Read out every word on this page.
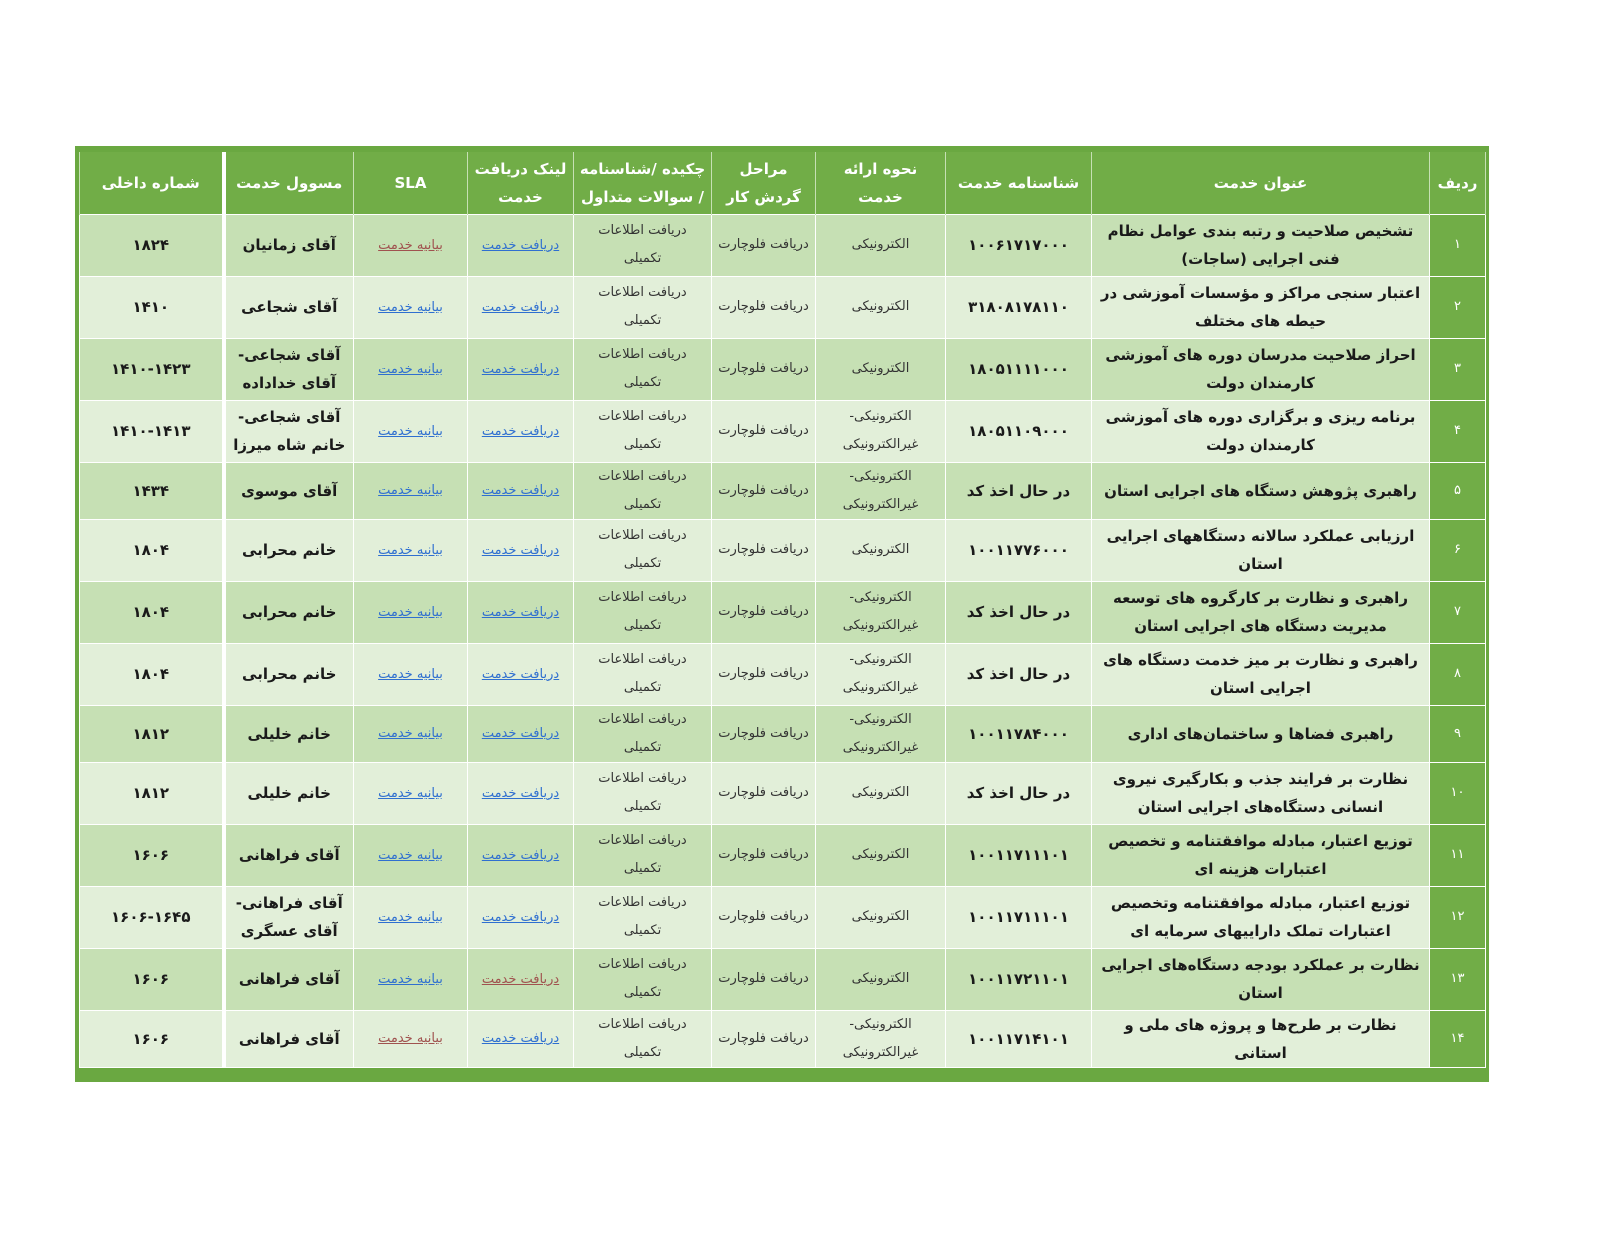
ردیف	عنوان خدمت	شناسنامه خدمت	نحوه ارائه خدمت	مراحل گردش کار	چکیده /شناسنامه / سوالات متداول	لینک دریافت خدمت	SLA	مسوول خدمت	شماره داخلی
۱	تشخیص صلاحیت و رتبه بندی عوامل نظام فنی اجرایی (ساجات)	۱۰۰۶۱۷۱۷۰۰۰	الکترونیکی	دریافت فلوچارت	دریافت اطلاعات تکمیلی	دریافت خدمت	بیانیه خدمت	آقای زمانیان	۱۸۲۴
۲	اعتبار سنجی مراکز و مؤسسات آموزشی در حیطه های مختلف	۳۱۸۰۸۱۷۸۱۱۰	الکترونیکی	دریافت فلوچارت	دریافت اطلاعات تکمیلی	دریافت خدمت	بیانیه خدمت	آقای شجاعی	۱۴۱۰
۳	احراز صلاحیت مدرسان دوره های آموزشی کارمندان دولت	۱۸۰۵۱۱۱۱۰۰۰	الکترونیکی	دریافت فلوچارت	دریافت اطلاعات تکمیلی	دریافت خدمت	بیانیه خدمت	آقای شجاعی- آقای خداداده	۱۴۱۰-۱۴۲۳
۴	برنامه ریزی و برگزاری دوره های آموزشی کارمندان دولت	۱۸۰۵۱۱۰۹۰۰۰	الکترونیکی- غیرالکترونیکی	دریافت فلوچارت	دریافت اطلاعات تکمیلی	دریافت خدمت	بیانیه خدمت	آقای شجاعی- خانم شاه میرزا	۱۴۱۰-۱۴۱۳
۵	راهبری پژوهش دستگاه های اجرایی استان	در حال اخذ کد	الکترونیکی- غیرالکترونیکی	دریافت فلوچارت	دریافت اطلاعات تکمیلی	دریافت خدمت	بیانیه خدمت	آقای موسوی	۱۴۳۴
۶	ارزیابی عملکرد سالانه دستگاههای اجرایی استان	۱۰۰۱۱۷۷۶۰۰۰	الکترونیکی	دریافت فلوچارت	دریافت اطلاعات تکمیلی	دریافت خدمت	بیانیه خدمت	خانم محرابی	۱۸۰۴
۷	راهبری و نظارت بر کارگروه های توسعه مدیریت دستگاه های اجرایی استان	در حال اخذ کد	الکترونیکی- غیرالکترونیکی	دریافت فلوچارت	دریافت اطلاعات تکمیلی	دریافت خدمت	بیانیه خدمت	خانم محرابی	۱۸۰۴
۸	راهبری و نظارت بر میز خدمت دستگاه های اجرایی استان	در حال اخذ کد	الکترونیکی- غیرالکترونیکی	دریافت فلوچارت	دریافت اطلاعات تکمیلی	دریافت خدمت	بیانیه خدمت	خانم محرابی	۱۸۰۴
۹	راهبری فضاها و ساختمان‌های اداری	۱۰۰۱۱۷۸۴۰۰۰	الکترونیکی- غیرالکترونیکی	دریافت فلوچارت	دریافت اطلاعات تکمیلی	دریافت خدمت	بیانیه خدمت	خانم خلیلی	۱۸۱۲
۱۰	نظارت بر فرایند جذب و بکارگیری نیروی انسانی دستگاه‌های اجرایی استان	در حال اخذ کد	الکترونیکی	دریافت فلوچارت	دریافت اطلاعات تکمیلی	دریافت خدمت	بیانیه خدمت	خانم خلیلی	۱۸۱۲
۱۱	توزیع اعتبار، مبادله موافقتنامه و تخصیص اعتبارات هزینه ای	۱۰۰۱۱۷۱۱۱۰۱	الکترونیکی	دریافت فلوچارت	دریافت اطلاعات تکمیلی	دریافت خدمت	بیانیه خدمت	آقای فراهانی	۱۶۰۶
۱۲	توزیع اعتبار، مبادله موافقتنامه وتخصیص اعتبارات تملک داراییهای سرمایه ای	۱۰۰۱۱۷۱۱۱۰۱	الکترونیکی	دریافت فلوچارت	دریافت اطلاعات تکمیلی	دریافت خدمت	بیانیه خدمت	آقای فراهانی- آقای عسگری	۱۶۰۶-۱۶۴۵
۱۳	نظارت بر عملکرد بودجه دستگاه‌های اجرایی استان	۱۰۰۱۱۷۲۱۱۰۱	الکترونیکی	دریافت فلوچارت	دریافت اطلاعات تکمیلی	دریافت خدمت	بیانیه خدمت	آقای فراهانی	۱۶۰۶
۱۴	نظارت بر طرح‌ها و پروژه های ملی و استانی	۱۰۰۱۱۷۱۴۱۰۱	الکترونیکی- غیرالکترونیکی	دریافت فلوچارت	دریافت اطلاعات تکمیلی	دریافت خدمت	بیانیه خدمت	آقای فراهانی	۱۶۰۶
